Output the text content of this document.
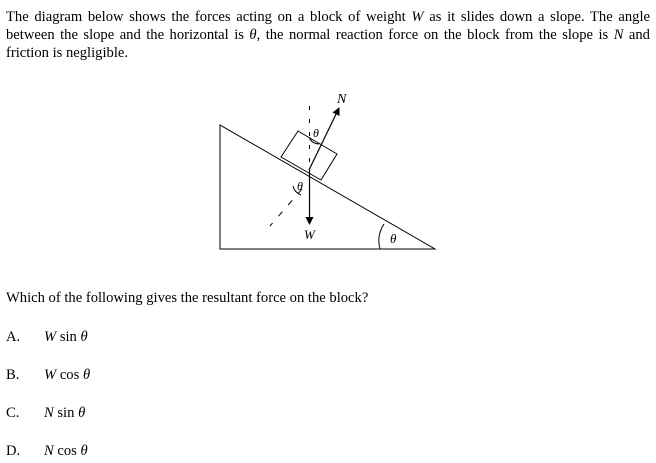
The diagram below shows the forces acting on a block of weight W as it slides down a slope. The angle between the slope and the horizontal is θ, the normal reaction force on the block from the slope is N and friction is negligible.
N
W
θ
θ
θ
Which of the following gives the resultant force on the block?
A. W sin θ
B. W cos θ
C. N sin θ
D. N cos θ
